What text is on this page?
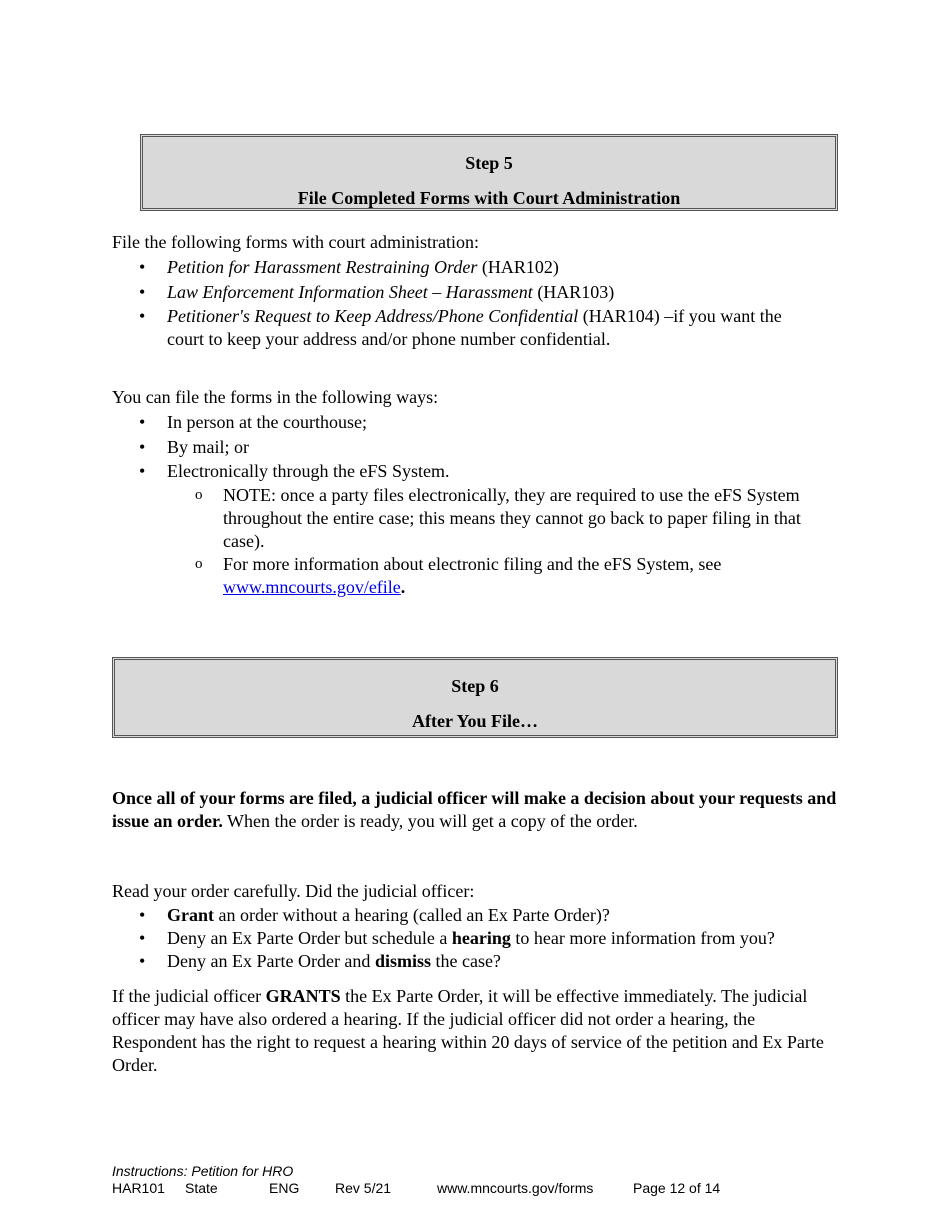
Step 5
File Completed Forms with Court Administration
File the following forms with court administration:
• Petition for Harassment Restraining Order (HAR102)
• Law Enforcement Information Sheet – Harassment (HAR103)
• Petitioner's Request to Keep Address/Phone Confidential (HAR104) –if you want the court to keep your address and/or phone number confidential.
You can file the forms in the following ways:
• In person at the courthouse;
• By mail; or
• Electronically through the eFS System.
o NOTE: once a party files electronically, they are required to use the eFS System throughout the entire case; this means they cannot go back to paper filing in that case).
o For more information about electronic filing and the eFS System, see www.mncourts.gov/efile.
Step 6
After You File…
Once all of your forms are filed, a judicial officer will make a decision about your requests and issue an order. When the order is ready, you will get a copy of the order.
Read your order carefully. Did the judicial officer:
• Grant an order without a hearing (called an Ex Parte Order)?
• Deny an Ex Parte Order but schedule a hearing to hear more information from you?
• Deny an Ex Parte Order and dismiss the case?
If the judicial officer GRANTS the Ex Parte Order, it will be effective immediately. The judicial officer may have also ordered a hearing. If the judicial officer did not order a hearing, the Respondent has the right to request a hearing within 20 days of service of the petition and Ex Parte Order.
Instructions: Petition for HRO
HAR101 State	ENG	Rev 5/21	www.mncourts.gov/forms	Page 12 of 14
